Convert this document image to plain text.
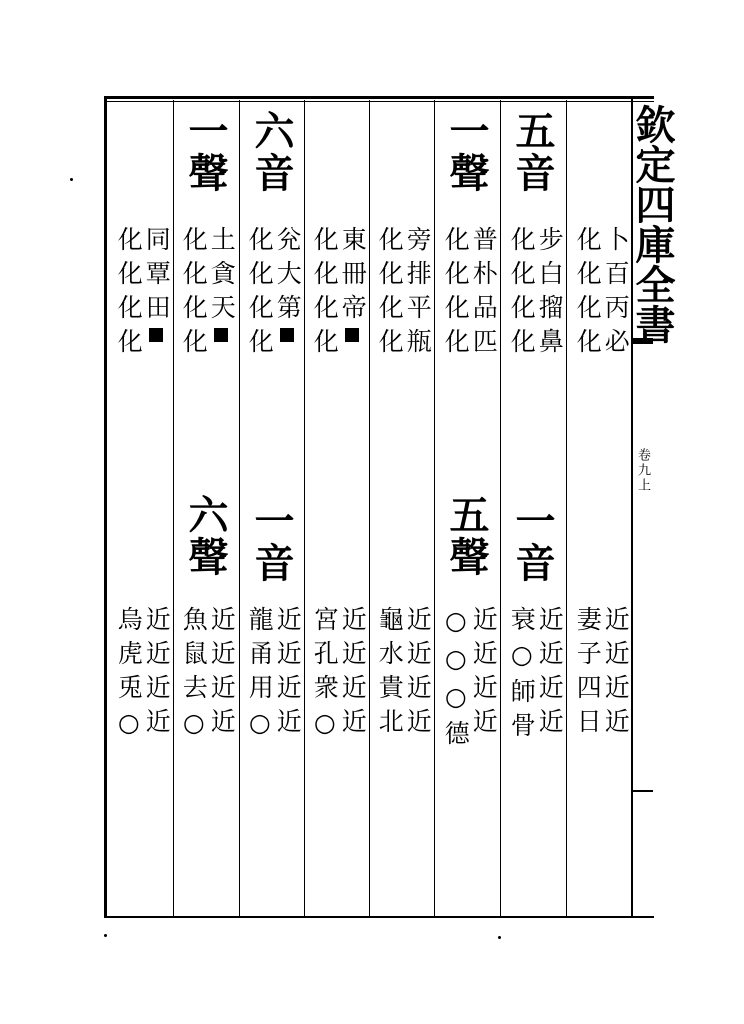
欽定四庫全書
卷九上
卜百丙必
化化化化
近近近近
妻子四日
五音
步白㨨鼻
化化化化
一音
近近近近
衰○師骨
一聲
普朴品匹
化化化化
五聲
近近近近
○○○德
旁排平瓶
化化化化
近近近近
龜水貴北
東冊帝
化化化化
近近近近
宮孔衆○
六音
兊大第
化化化化
一音
近近近近
龍甬用○
一聲
土貪天
化化化化
六聲
近近近近
魚鼠去○
同覃田
化化化化
近近近近
烏虎兎○
